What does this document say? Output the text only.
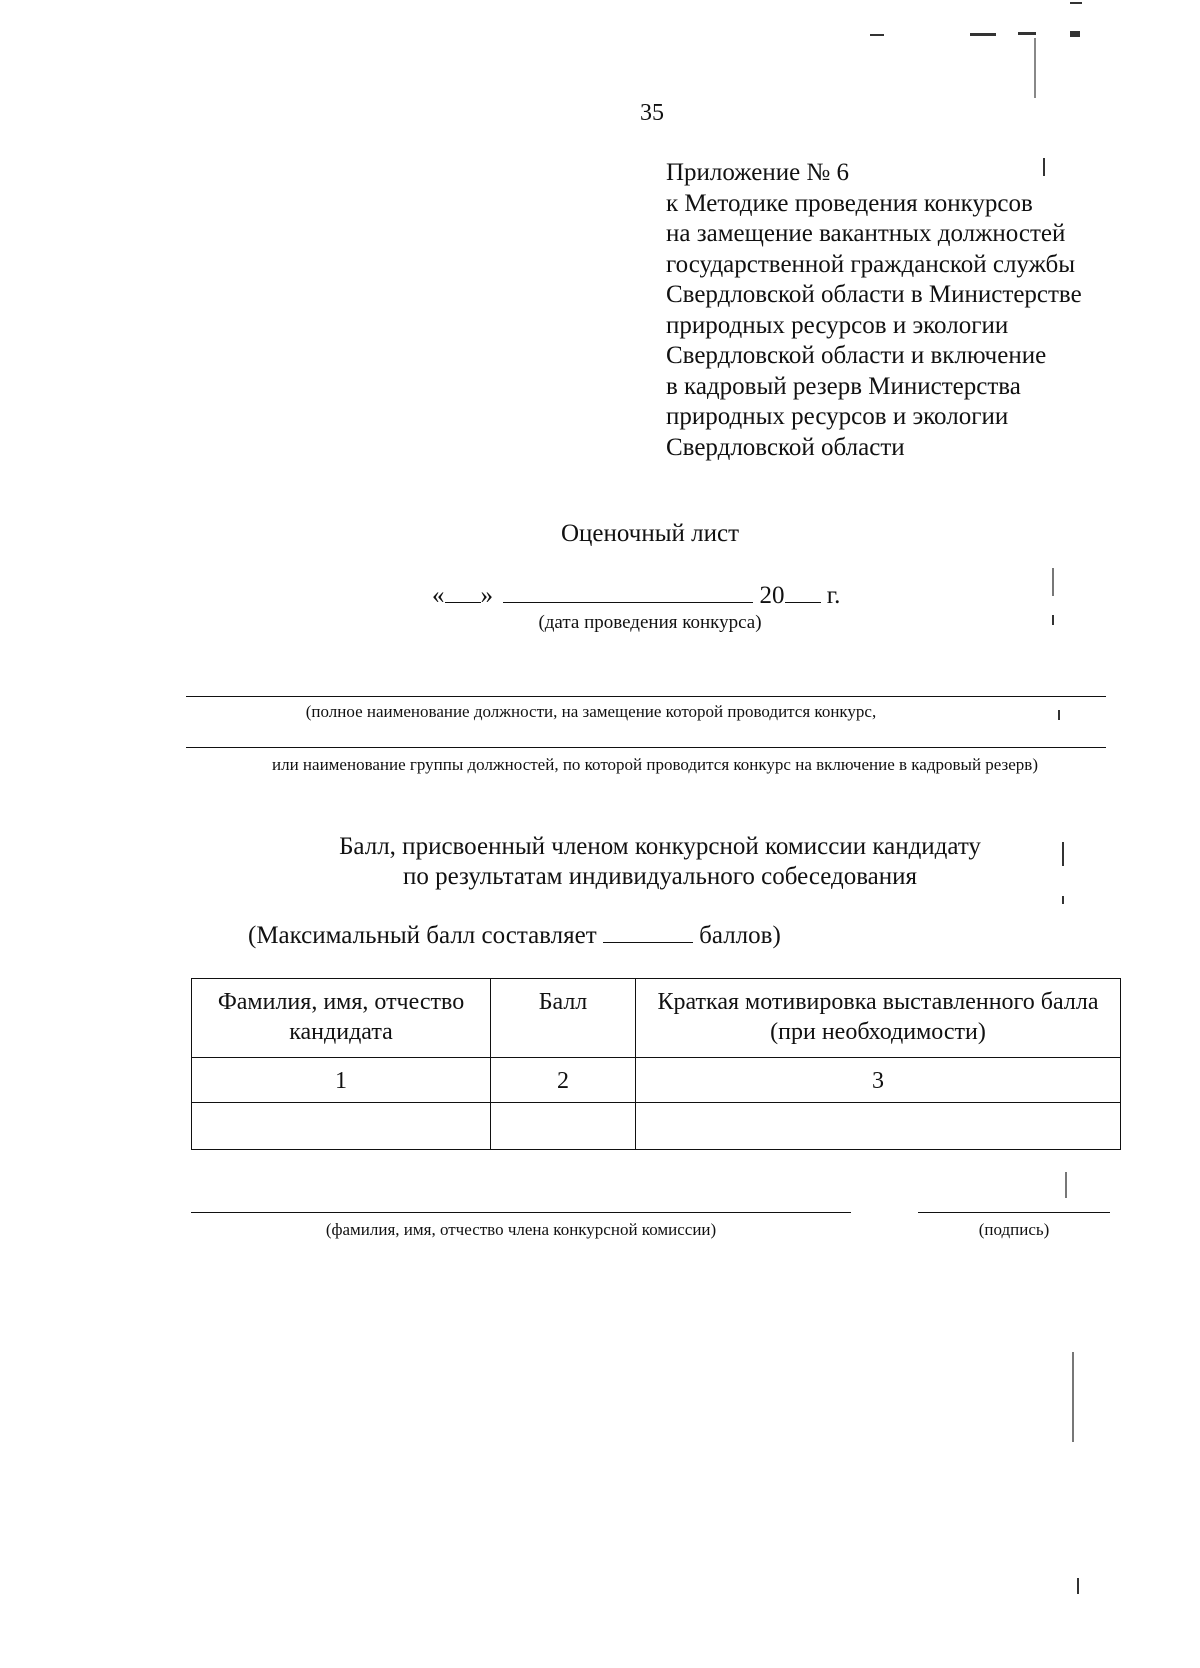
35
Приложение № 6
к Методике проведения конкурсов
на замещение вакантных должностей
государственной гражданской службы
Свердловской области в Министерстве
природных ресурсов и экологии
Свердловской области и включение
в кадровый резерв Министерства
природных ресурсов и экологии
Свердловской области
Оценочный лист
« »	20 г.
(дата проведения конкурса)
(полное наименование должности, на замещение которой проводится конкурс,
или наименование группы должностей, по которой проводится конкурс на включение в кадровый резерв)
Балл, присвоенный членом конкурсной комиссии кандидату
по результатам индивидуального собеседования
(Максимальный балл составляет	баллов)
Фамилия, имя, отчество кандидата	Балл	Краткая мотивировка выставленного балла (при необходимости)
1	2	3

(фамилия, имя, отчество члена конкурсной комиссии)	(подпись)
